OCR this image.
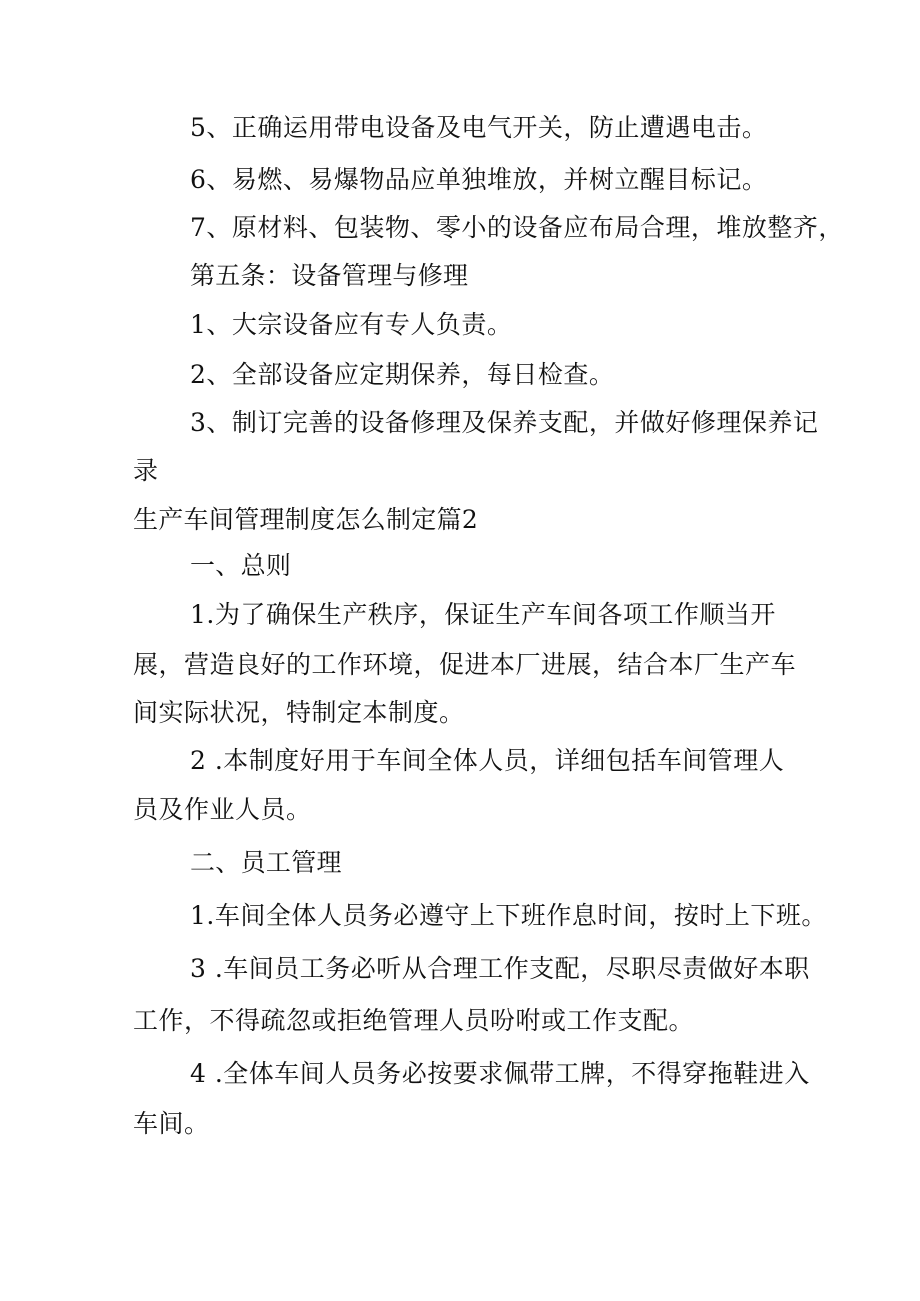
5、正确运用带电设备及电气开关，防止遭遇电击。
6、易燃、易爆物品应单独堆放，并树立醒目标记。
7、原材料、包装物、零小的设备应布局合理，堆放整齐，
第五条：设备管理与修理
1、大宗设备应有专人负责。
2、全部设备应定期保养，每日检查。
3、制订完善的设备修理及保养支配，并做好修理保养记
录
生产车间管理制度怎么制定篇2
一、总则
1.为了确保生产秩序，保证生产车间各项工作顺当开
展，营造良好的工作环境，促进本厂进展，结合本厂生产车
间实际状况，特制定本制度。
2 .本制度好用于车间全体人员，详细包括车间管理人
员及作业人员。
二、员工管理
1.车间全体人员务必遵守上下班作息时间，按时上下班。
3 .车间员工务必听从合理工作支配，尽职尽责做好本职
工作，不得疏忽或拒绝管理人员吩咐或工作支配。
4 .全体车间人员务必按要求佩带工牌，不得穿拖鞋进入
车间。
